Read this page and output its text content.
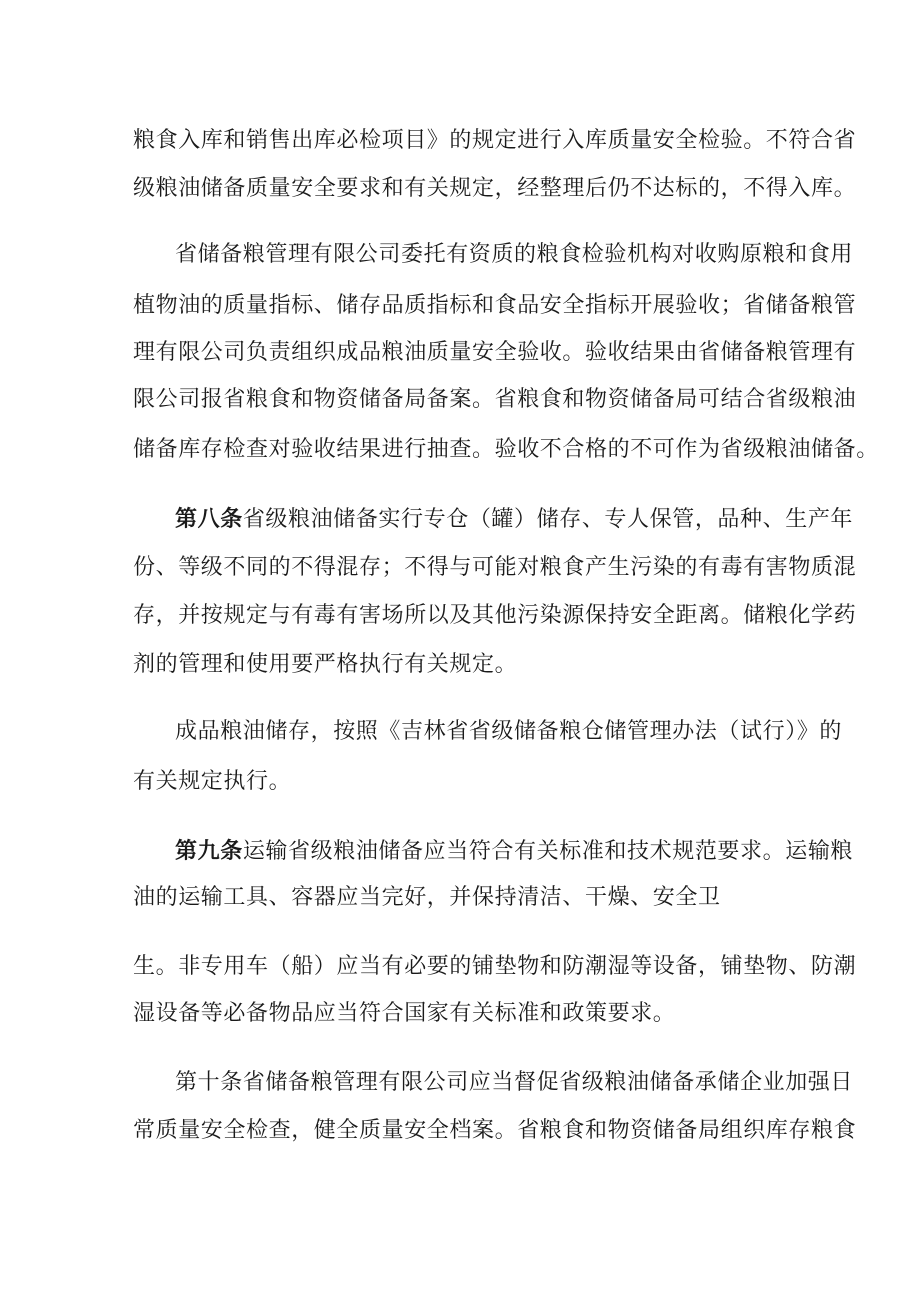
粮食入库和销售出库必检项目》的规定进行入库质量安全检验。不符合省
级粮油储备质量安全要求和有关规定，经整理后仍不达标的，不得入库。
省储备粮管理有限公司委托有资质的粮食检验机构对收购原粮和食用
植物油的质量指标、储存品质指标和食品安全指标开展验收；省储备粮管
理有限公司负责组织成品粮油质量安全验收。验收结果由省储备粮管理有
限公司报省粮食和物资储备局备案。省粮食和物资储备局可结合省级粮油
储备库存检查对验收结果进行抽查。验收不合格的不可作为省级粮油储备。
第八条省级粮油储备实行专仓（罐）储存、专人保管，品种、生产年
份、等级不同的不得混存；不得与可能对粮食产生污染的有毒有害物质混
存，并按规定与有毒有害场所以及其他污染源保持安全距离。储粮化学药
剂的管理和使用要严格执行有关规定。
成品粮油储存，按照《吉林省省级储备粮仓储管理办法（试行）》的
有关规定执行。
第九条运输省级粮油储备应当符合有关标准和技术规范要求。运输粮
油的运输工具、容器应当完好，并保持清洁、干燥、安全卫
生。非专用车（船）应当有必要的铺垫物和防潮湿等设备，铺垫物、防潮
湿设备等必备物品应当符合国家有关标准和政策要求。
第十条省储备粮管理有限公司应当督促省级粮油储备承储企业加强日
常质量安全检查，健全质量安全档案。省粮食和物资储备局组织库存粮食
